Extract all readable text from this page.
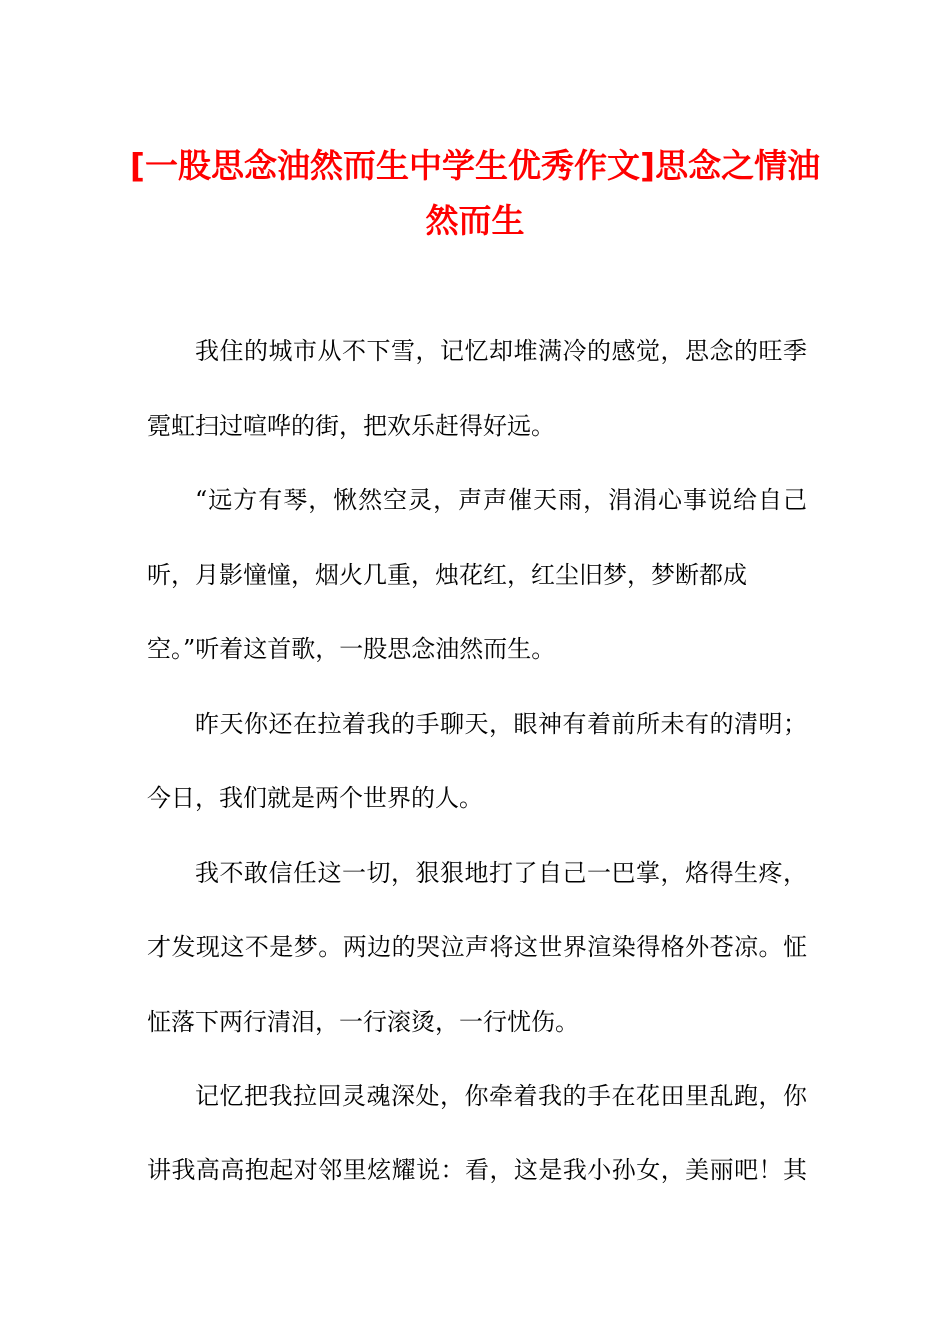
[一股思念油然而生中学生优秀作文]思念之情油然而生

我住的城市从不下雪，记忆却堆满冷的感觉，思念的旺季

霓虹扫过喧哗的街，把欢乐赶得好远。

“远方有琴，愀然空灵，声声催天雨，涓涓心事说给自己

听，月影憧憧，烟火几重，烛花红，红尘旧梦，梦断都成

空。”听着这首歌，一股思念油然而生。

昨天你还在拉着我的手聊天，眼神有着前所未有的清明；

今日，我们就是两个世界的人。

我不敢信任这一切，狠狠地打了自己一巴掌，烙得生疼，

才发现这不是梦。两边的哭泣声将这世界渲染得格外苍凉。怔

怔落下两行清泪，一行滚烫，一行忧伤。

记忆把我拉回灵魂深处，你牵着我的手在花田里乱跑，你

讲我高高抱起对邻里炫耀说：看，这是我小孙女，美丽吧！其
